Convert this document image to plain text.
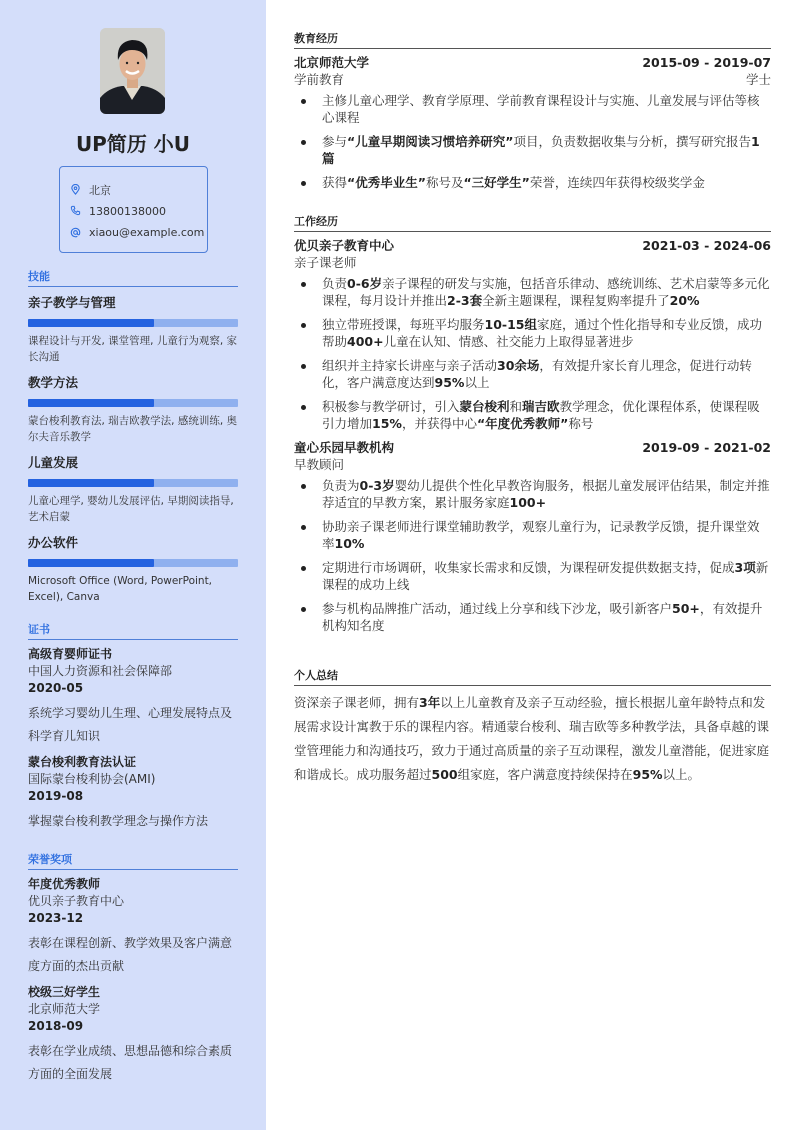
UP简历 小U
北京
13800138000
xiaou@example.com
技能
亲子教学与管理
课程设计与开发, 课堂管理, 儿童行为观察, 家长沟通
教学方法
蒙台梭利教育法, 瑞吉欧教学法, 感统训练, 奥尔夫音乐教学
儿童发展
儿童心理学, 婴幼儿发展评估, 早期阅读指导, 艺术启蒙
办公软件
Microsoft Office (Word, PowerPoint, Excel), Canva
证书
高级育婴师证书
中国人力资源和社会保障部
2020-05
系统学习婴幼儿生理、心理发展特点及科学育儿知识
蒙台梭利教育法认证
国际蒙台梭利协会(AMI)
2019-08
掌握蒙台梭利教学理念与操作方法
荣誉奖项
年度优秀教师
优贝亲子教育中心
2023-12
表彰在课程创新、教学效果及客户满意度方面的杰出贡献
校级三好学生
北京师范大学
2018-09
表彰在学业成绩、思想品德和综合素质方面的全面发展
教育经历
北京师范大学	2015-09 - 2019-07
学前教育	学士
主修儿童心理学、教育学原理、学前教育课程设计与实施、儿童发展与评估等核心课程
参与“儿童早期阅读习惯培养研究”项目，负责数据收集与分析，撰写研究报告1篇
获得“优秀毕业生”称号及“三好学生”荣誉，连续四年获得校级奖学金
工作经历
优贝亲子教育中心	2021-03 - 2024-06
亲子课老师
负责0-6岁亲子课程的研发与实施，包括音乐律动、感统训练、艺术启蒙等多元化课程，每月设计并推出2-3套全新主题课程，课程复购率提升了20%
独立带班授课，每班平均服务10-15组家庭，通过个性化指导和专业反馈，成功帮助400+儿童在认知、情感、社交能力上取得显著进步
组织并主持家长讲座与亲子活动30余场，有效提升家长育儿理念，促进行动转化，客户满意度达到95%以上
积极参与教学研讨，引入蒙台梭利和瑞吉欧教学理念，优化课程体系，使课程吸引力增加15%，并获得中心“年度优秀教师”称号
童心乐园早教机构	2019-09 - 2021-02
早教顾问
负责为0-3岁婴幼儿提供个性化早教咨询服务，根据儿童发展评估结果，制定并推荐适宜的早教方案，累计服务家庭100+
协助亲子课老师进行课堂辅助教学，观察儿童行为，记录教学反馈，提升课堂效率10%
定期进行市场调研，收集家长需求和反馈，为课程研发提供数据支持，促成3项新课程的成功上线
参与机构品牌推广活动，通过线上分享和线下沙龙，吸引新客户50+，有效提升机构知名度
个人总结

资深亲子课老师，拥有3年以上儿童教育及亲子互动经验，擅长根据儿童年龄特点和发展需求设计寓教于乐的课程内容。精通蒙台梭利、瑞吉欧等多种教学法，具备卓越的课堂管理能力和沟通技巧，致力于通过高质量的亲子互动课程，激发儿童潜能，促进家庭和谐成长。成功服务超过500组家庭，客户满意度持续保持在95%以上。
